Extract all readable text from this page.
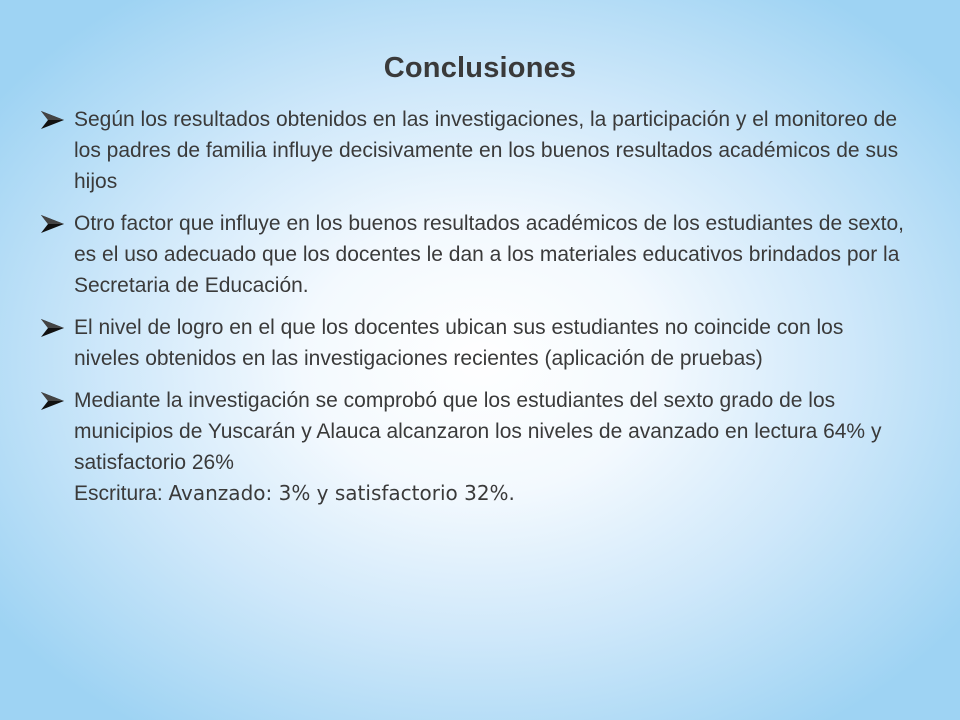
Conclusiones
Según los resultados obtenidos en las investigaciones, la participación y el monitoreo de los padres de familia influye decisivamente en los buenos resultados académicos de sus hijos
Otro factor que influye en los buenos resultados académicos de los estudiantes de sexto, es el uso adecuado que los docentes le dan a los materiales educativos brindados por la Secretaria de Educación.
El nivel de logro en el que los docentes ubican sus estudiantes no coincide con los niveles obtenidos en las investigaciones recientes (aplicación de pruebas)
Mediante la investigación se comprobó que los estudiantes del sexto grado de los municipios de Yuscarán y Alauca alcanzaron los niveles de avanzado en lectura 64% y satisfactorio 26%
Escritura: Avanzado: 3% y satisfactorio 32%.
